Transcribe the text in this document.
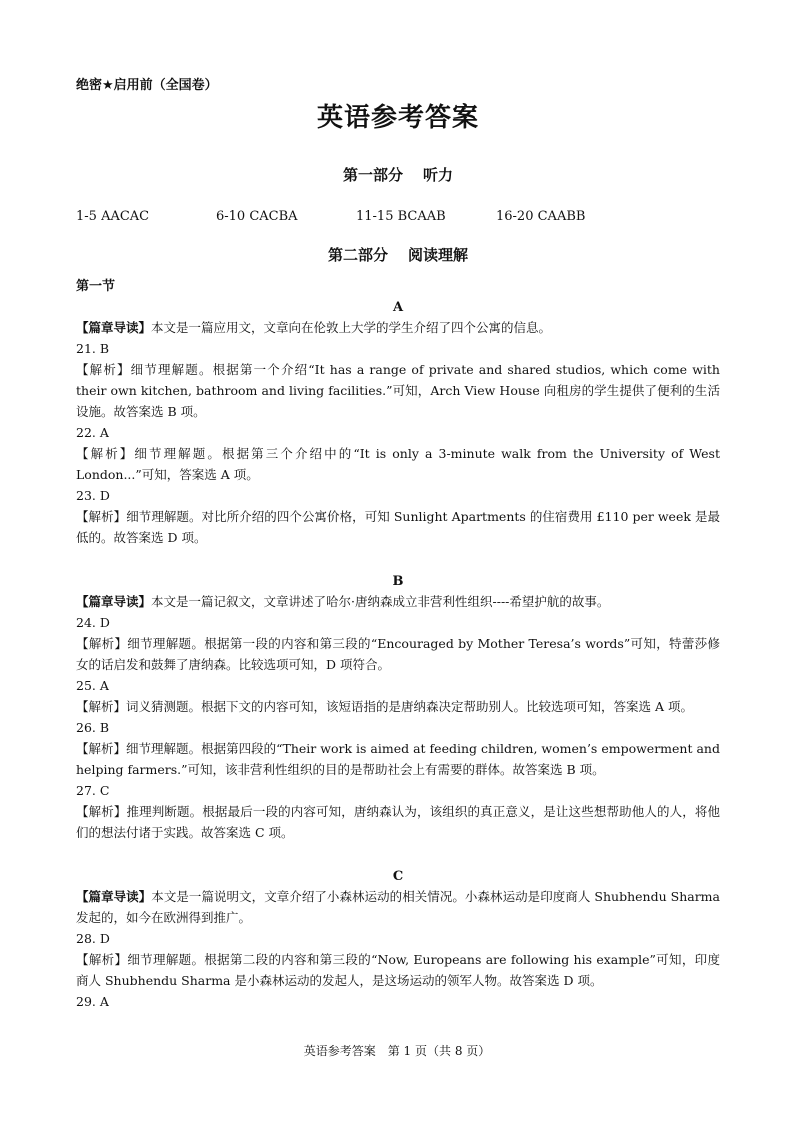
绝密★启用前（全国卷）
英语参考答案
第一部分 听力
1-5 AACAC	6-10 CACBA	11-15 BCAAB	16-20 CAABB
第二部分 阅读理解
第一节
A

【篇章导读】本文是一篇应用文，文章向在伦敦上大学的学生介绍了四个公寓的信息。

21. B

【解析】细节理解题。根据第一个介绍“It has a range of private and shared studios, which come with their own kitchen, bathroom and living facilities.”可知，Arch View House 向租房的学生提供了便利的生活设施。故答案选 B 项。

22. A

【解析】细节理解题。根据第三个介绍中的“It is only a 3-minute walk from the University of West London...”可知，答案选 A 项。

23. D

【解析】细节理解题。对比所介绍的四个公寓价格，可知 Sunlight Apartments 的住宿费用 £110 per week 是最低的。故答案选 D 项。

B

【篇章导读】本文是一篇记叙文，文章讲述了哈尔·唐纳森成立非营利性组织----希望护航的故事。

24. D

【解析】细节理解题。根据第一段的内容和第三段的“Encouraged by Mother Teresa’s words”可知，特蕾莎修女的话启发和鼓舞了唐纳森。比较选项可知，D 项符合。

25. A

【解析】词义猜测题。根据下文的内容可知，该短语指的是唐纳森决定帮助别人。比较选项可知，答案选 A 项。

26. B

【解析】细节理解题。根据第四段的“Their work is aimed at feeding children, women’s empowerment and helping farmers.”可知，该非营利性组织的目的是帮助社会上有需要的群体。故答案选 B 项。

27. C

【解析】推理判断题。根据最后一段的内容可知，唐纳森认为，该组织的真正意义，是让这些想帮助他人的人，将他们的想法付诸于实践。故答案选 C 项。

C

【篇章导读】本文是一篇说明文，文章介绍了小森林运动的相关情况。小森林运动是印度商人 Shubhendu Sharma 发起的，如今在欧洲得到推广。

28. D

【解析】细节理解题。根据第二段的内容和第三段的“Now, Europeans are following his example”可知，印度商人 Shubhendu Sharma 是小森林运动的发起人，是这场运动的领军人物。故答案选 D 项。

29. A
英语参考答案　第 1 页（共 8 页）
